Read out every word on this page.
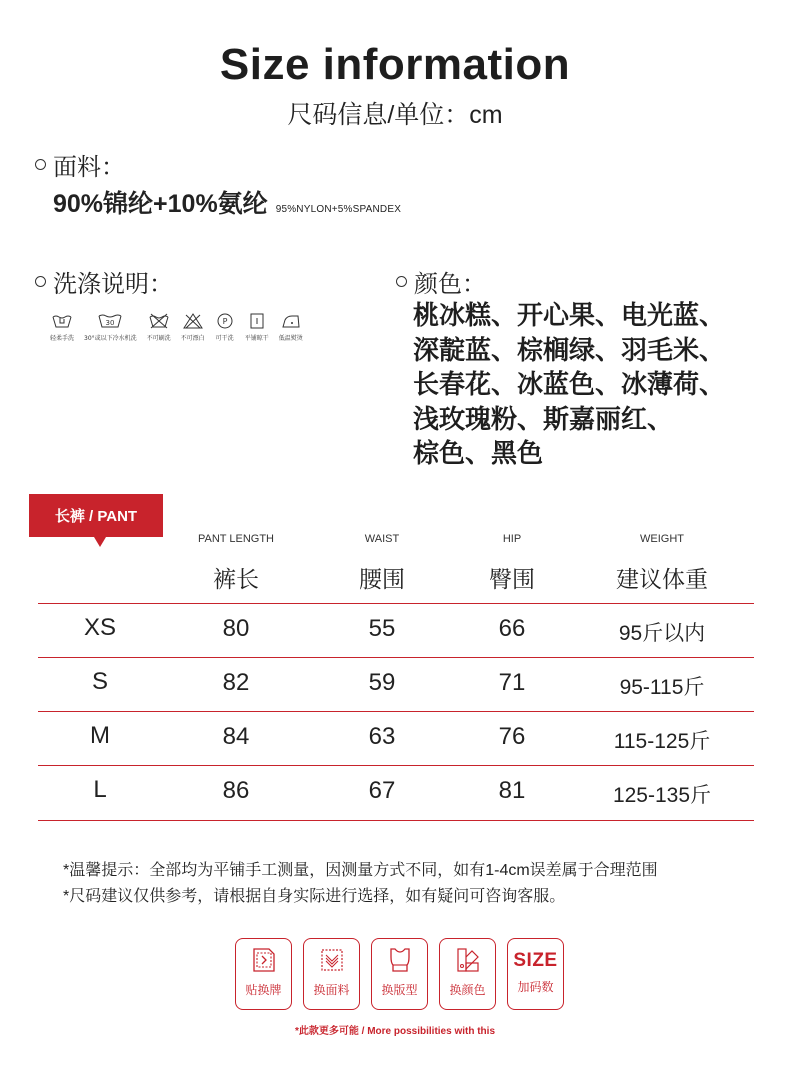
Size information
尺码信息/单位：cm
面料：
90%锦纶+10%氨纶 95%NYLON+5%SPANDEX
洗涤说明：
轻柔手洗
30
30°或以下冷水机洗 不可刷洗 不可漂白
P
可干洗 平铺晾干 低温熨烫
颜色：
桃冰糕、开心果、电光蓝、
深靛蓝、棕榈绿、羽毛米、
长春花、冰蓝色、冰薄荷、
浅玫瑰粉、斯嘉丽红、
棕色、黑色
长裤 / PANT
PANT LENGTH	WAIST	HIP	WEIGHT
裤长	腰围	臀围	建议体重
XS	80	55	66	95斤以内
S	82	59	71	95-115斤
M	84	63	76	115-125斤
L	86	67	81	125-135斤
*温馨提示：全部均为平铺手工测量，因测量方式不同，如有1-4cm误差属于合理范围
*尺码建议仅供参考，请根据自身实际进行选择，如有疑问可咨询客服。
贴换牌	换面料	换版型	换颜色
SIZE
加码数
*此款更多可能 / More possibilities with this
